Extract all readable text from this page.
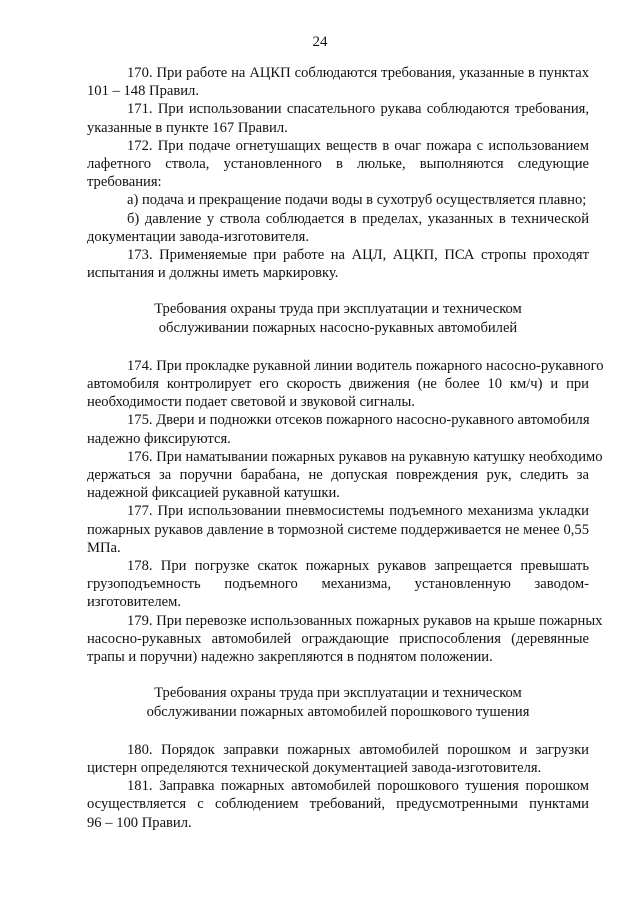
24
170. При работе на АЦКП соблюдаются требования, указанные в пунктах
101 – 148 Правил.
171. При использовании спасательного рукава соблюдаются требования,
указанные в пункте 167 Правил.
172. При подаче огнетушащих веществ в очаг пожара с использованием
лафетного ствола, установленного в люльке, выполняются следующие
требования:
а) подача и прекращение подачи воды в сухотруб осуществляется плавно;
б) давление у ствола соблюдается в пределах, указанных в технической
документации завода-изготовителя.
173. Применяемые при работе на АЦЛ, АЦКП, ПСА стропы проходят
испытания и должны иметь маркировку.
Требования охраны труда при эксплуатации и техническом
обслуживании пожарных насосно-рукавных автомобилей
174. При прокладке рукавной линии водитель пожарного насосно-рукавного
автомобиля контролирует его скорость движения (не более 10 км/ч) и при
необходимости подает световой и звуковой сигналы.
175. Двери и подножки отсеков пожарного насосно-рукавного автомобиля
надежно фиксируются.
176. При наматывании пожарных рукавов на рукавную катушку необходимо
держаться за поручни барабана, не допуская повреждения рук, следить за
надежной фиксацией рукавной катушки.
177. При использовании пневмосистемы подъемного механизма укладки
пожарных рукавов давление в тормозной системе поддерживается не менее 0,55
МПа.
178. При погрузке скаток пожарных рукавов запрещается превышать
грузоподъемность подъемного механизма, установленную заводом-
изготовителем.
179. При перевозке использованных пожарных рукавов на крыше пожарных
насосно-рукавных автомобилей ограждающие приспособления (деревянные
трапы и поручни) надежно закрепляются в поднятом положении.
Требования охраны труда при эксплуатации и техническом
обслуживании пожарных автомобилей порошкового тушения
180. Порядок заправки пожарных автомобилей порошком и загрузки
цистерн определяются технической документацией завода-изготовителя.
181. Заправка пожарных автомобилей порошкового тушения порошком
осуществляется с соблюдением требований, предусмотренными пунктами
96 – 100 Правил.
